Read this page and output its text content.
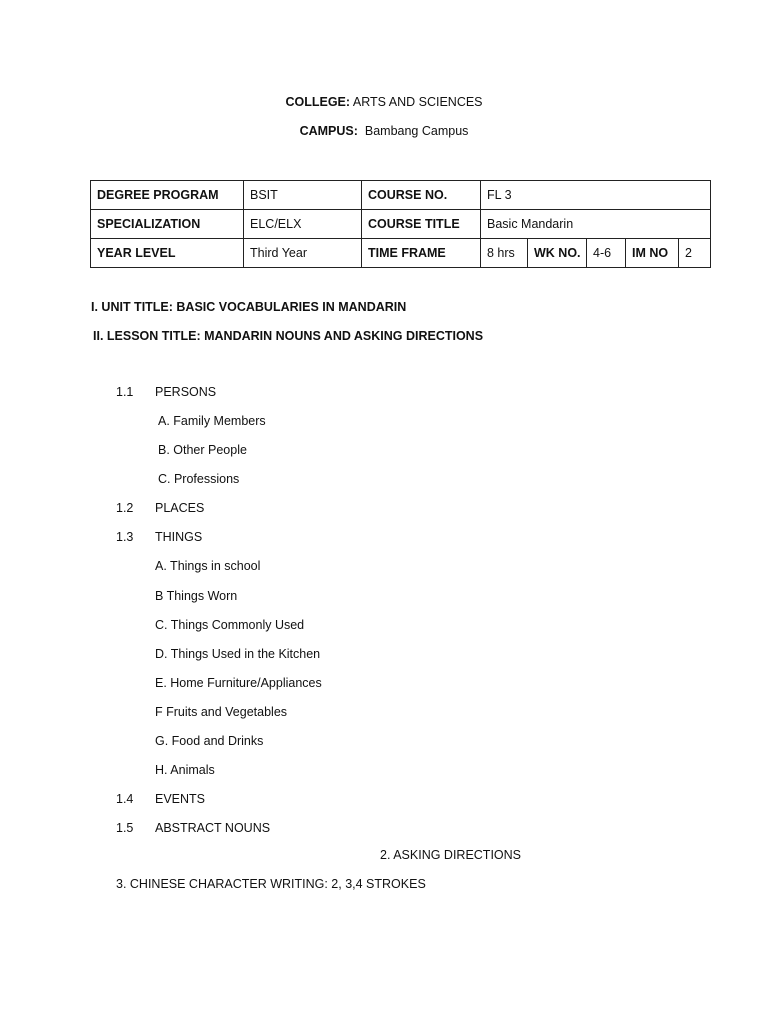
COLLEGE: ARTS AND SCIENCES
CAMPUS: Bambang Campus
DEGREE PROGRAM	BSIT	COURSE NO.	FL 3				
SPECIALIZATION	ELC/ELX	COURSE TITLE	Basic Mandarin				
YEAR LEVEL	Third Year	TIME FRAME	8 hrs	WK NO.	4-6	IM NO	2
I. UNIT TITLE: BASIC VOCABULARIES IN MANDARIN
II. LESSON TITLE: MANDARIN NOUNS AND ASKING DIRECTIONS
1.1 PERSONS
A. Family Members
B. Other People
C. Professions
1.2 PLACES
1.3 THINGS
A. Things in school
B Things Worn
C. Things Commonly Used
D. Things Used in the Kitchen
E. Home Furniture/Appliances
F Fruits and Vegetables
G. Food and Drinks
H. Animals
1.4 EVENTS
1.5 ABSTRACT NOUNS
2. ASKING DIRECTIONS
3. CHINESE CHARACTER WRITING: 2, 3,4 STROKES
